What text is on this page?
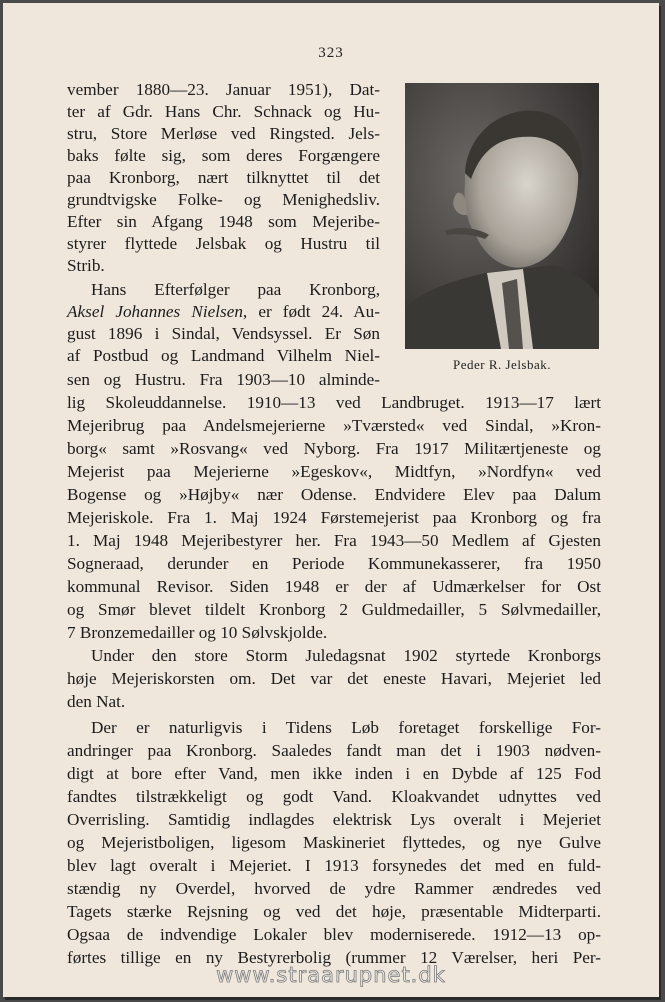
323
Peder R. Jelsbak.
vember 1880—23. Januar 1951), Dat-
ter af Gdr. Hans Chr. Schnack og Hu-
stru, Store Merløse ved Ringsted. Jels-
baks følte sig, som deres Forgængere
paa Kronborg, nært tilknyttet til det
grundtvigske Folke- og Menighedsliv.
Efter sin Afgang 1948 som Mejeribe-
styrer flyttede Jelsbak og Hustru til
Strib.
Hans Efterfølger paa Kronborg,
Aksel Johannes Nielsen, er født 24. Au-
gust 1896 i Sindal, Vendsyssel. Er Søn
af Postbud og Landmand Vilhelm Niel-
sen og Hustru. Fra 1903—10 alminde-
lig Skoleuddannelse. 1910—13 ved Landbruget. 1913—17 lært
Mejeribrug paa Andelsmejerierne »Tværsted« ved Sindal, »Kron-
borg« samt »Rosvang« ved Nyborg. Fra 1917 Militærtjeneste og
Mejerist paa Mejerierne »Egeskov«, Midtfyn, »Nordfyn« ved
Bogense og »Højby« nær Odense. Endvidere Elev paa Dalum
Mejeriskole. Fra 1. Maj 1924 Førstemejerist paa Kronborg og fra
1. Maj 1948 Mejeribestyrer her. Fra 1943—50 Medlem af Gjesten
Sogneraad, derunder en Periode Kommunekasserer, fra 1950
kommunal Revisor. Siden 1948 er der af Udmærkelser for Ost
og Smør blevet tildelt Kronborg 2 Guldmedailler, 5 Sølvmedailler,
7 Bronzemedailler og 10 Sølvskjolde.
Under den store Storm Juledagsnat 1902 styrtede Kronborgs
høje Mejeriskorsten om. Det var det eneste Havari, Mejeriet led
den Nat.
Der er naturligvis i Tidens Løb foretaget forskellige For-
andringer paa Kronborg. Saaledes fandt man det i 1903 nødven-
digt at bore efter Vand, men ikke inden i en Dybde af 125 Fod
fandtes tilstrækkeligt og godt Vand. Kloakvandet udnyttes ved
Overrisling. Samtidig indlagdes elektrisk Lys overalt i Mejeriet
og Mejeristboligen, ligesom Maskineriet flyttedes, og nye Gulve
blev lagt overalt i Mejeriet. I 1913 forsynedes det med en fuld-
stændig ny Overdel, hvorved de ydre Rammer ændredes ved
Tagets stærke Rejsning og ved det høje, præsentable Midterparti.
Ogsaa de indvendige Lokaler blev moderniserede. 1912—13 op-
førtes tillige en ny Bestyrerbolig (rummer 12 Værelser, heri Per-
www.straarupnet.dk
